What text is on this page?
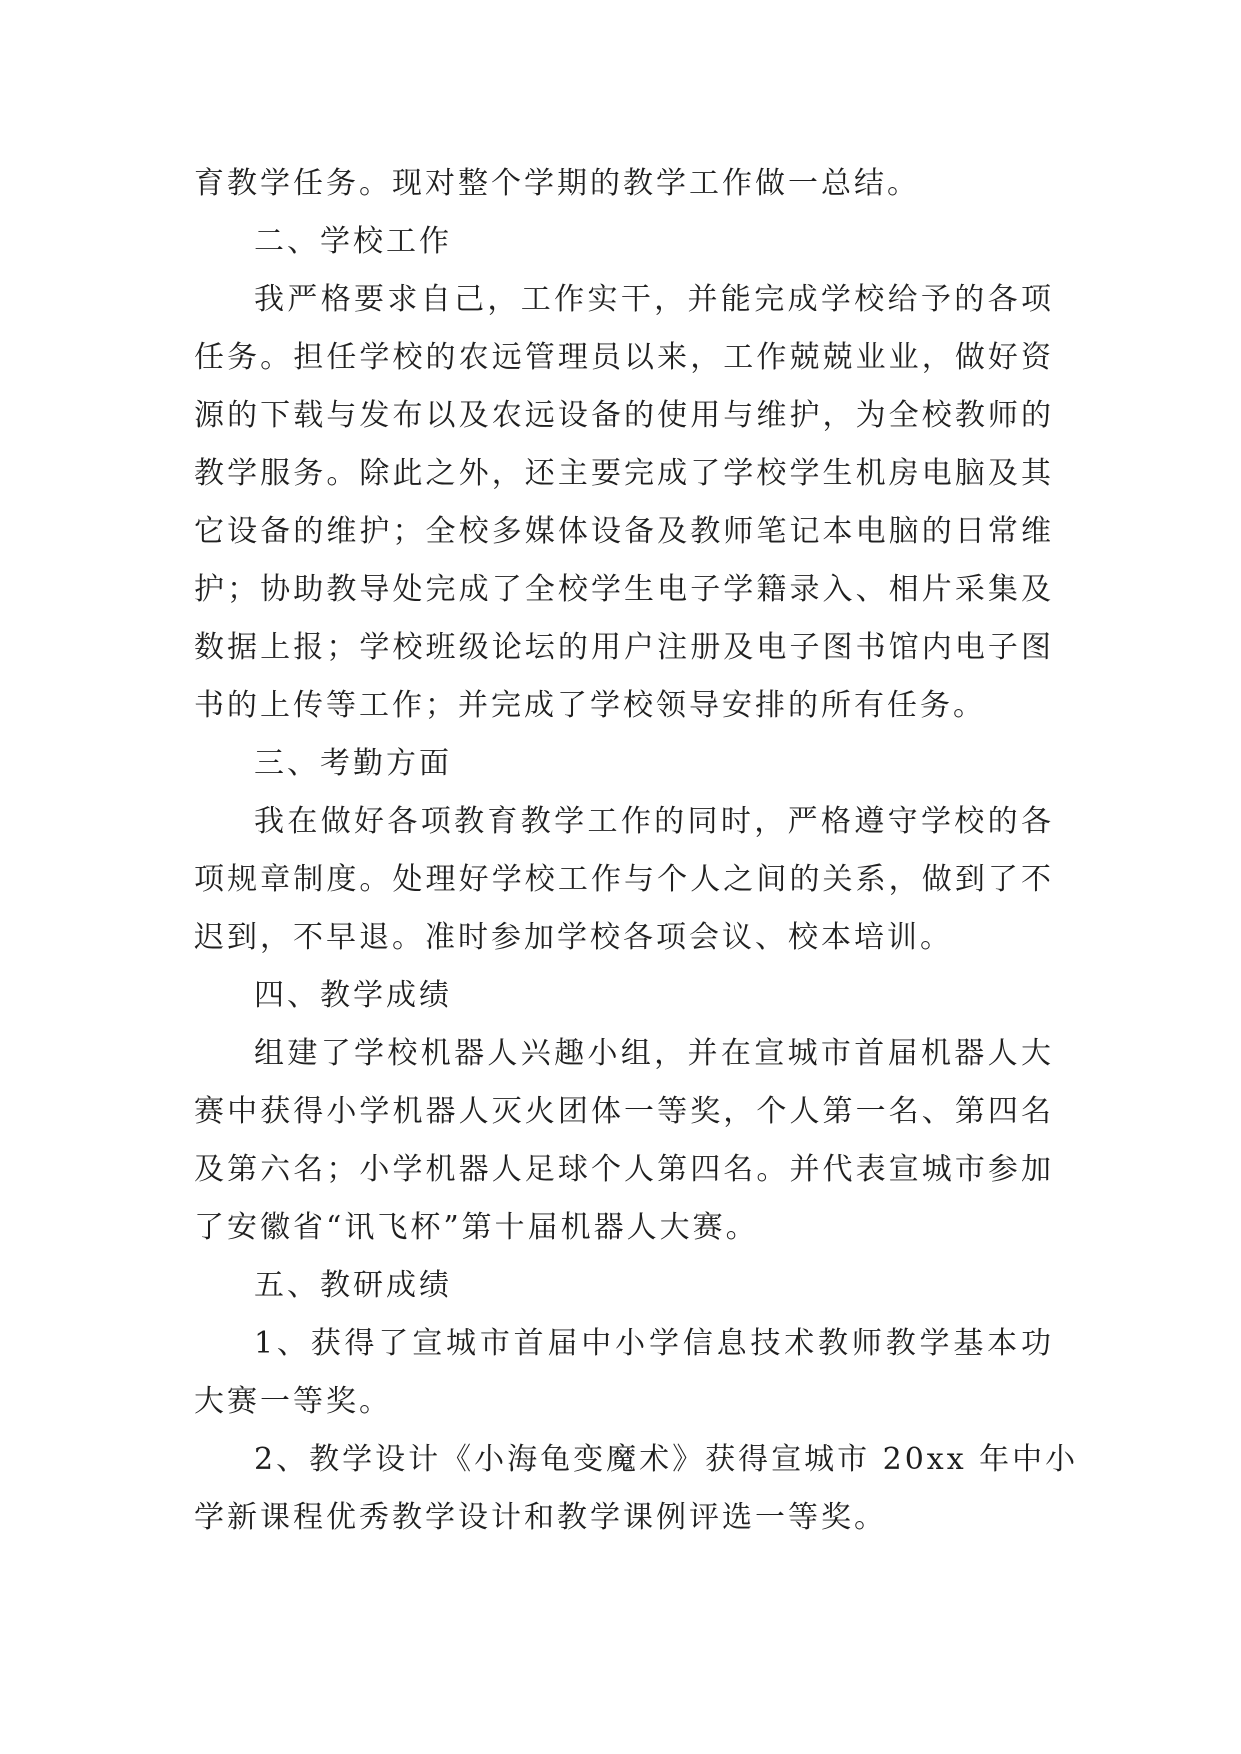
育教学任务。现对整个学期的教学工作做一总结。
二、学校工作
我严格要求自己，工作实干，并能完成学校给予的各项
任务。担任学校的农远管理员以来，工作兢兢业业，做好资
源的下载与发布以及农远设备的使用与维护，为全校教师的
教学服务。除此之外，还主要完成了学校学生机房电脑及其
它设备的维护；全校多媒体设备及教师笔记本电脑的日常维
护；协助教导处完成了全校学生电子学籍录入、相片采集及
数据上报；学校班级论坛的用户注册及电子图书馆内电子图
书的上传等工作；并完成了学校领导安排的所有任务。
三、考勤方面
我在做好各项教育教学工作的同时，严格遵守学校的各
项规章制度。处理好学校工作与个人之间的关系，做到了不
迟到，不早退。准时参加学校各项会议、校本培训。
四、教学成绩
组建了学校机器人兴趣小组，并在宣城市首届机器人大
赛中获得小学机器人灭火团体一等奖，个人第一名、第四名
及第六名；小学机器人足球个人第四名。并代表宣城市参加
了安徽省“讯飞杯”第十届机器人大赛。
五、教研成绩
1、获得了宣城市首届中小学信息技术教师教学基本功
大赛一等奖。
2、教学设计《小海龟变魔术》获得宣城市 20xx 年中小
学新课程优秀教学设计和教学课例评选一等奖。
